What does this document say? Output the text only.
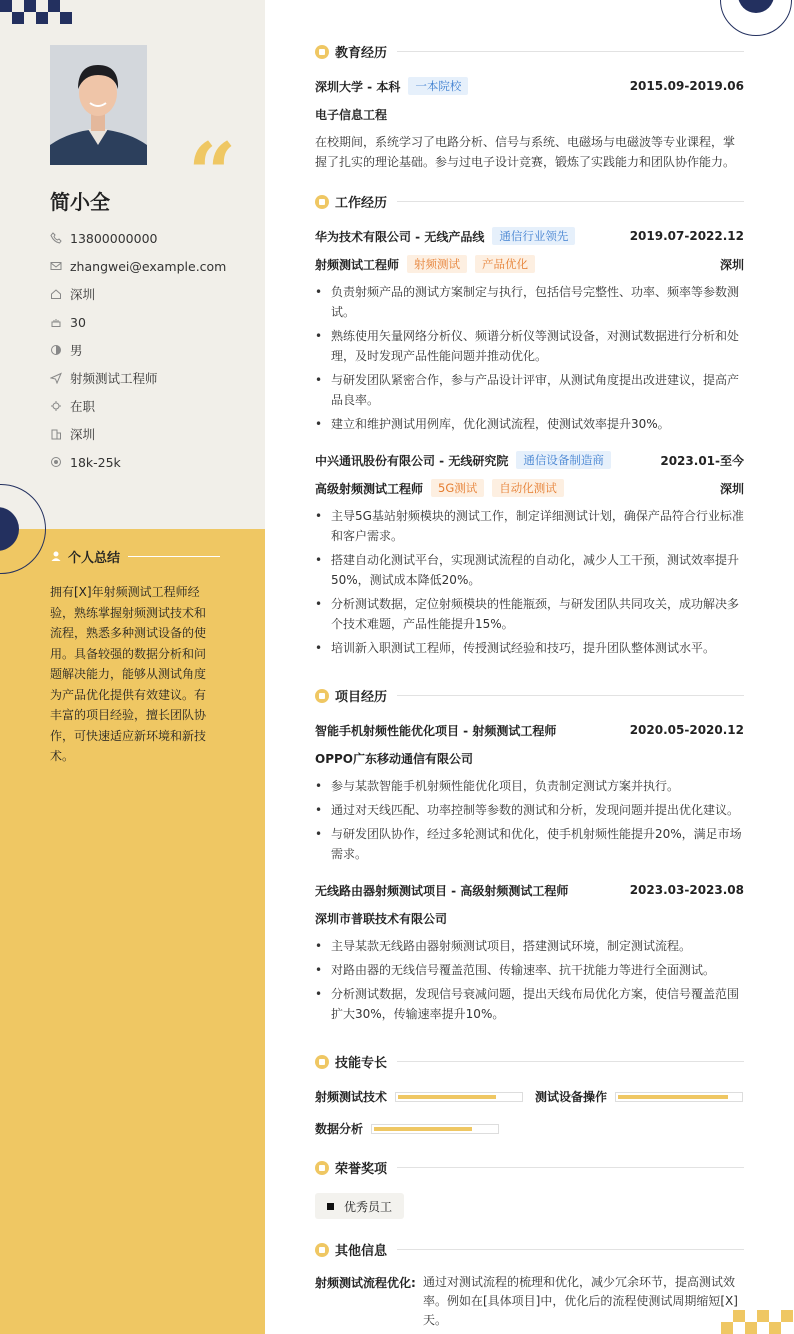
“
简小全
13800000000
zhangwei@example.com
深圳
30
男
射频测试工程师
在职
深圳
18k-25k
个人总结
拥有[X]年射频测试工程师经验，熟练掌握射频测试技术和流程，熟悉多种测试设备的使用。具备较强的数据分析和问题解决能力，能够从测试角度为产品优化提供有效建议。有丰富的项目经验，擅长团队协作，可快速适应新环境和新技术。
教育经历
深圳大学 - 本科	一本院校	2015.09-2019.06
电子信息工程
在校期间，系统学习了电路分析、信号与系统、电磁场与电磁波等专业课程，掌握了扎实的理论基础。参与过电子设计竞赛，锻炼了实践能力和团队协作能力。
工作经历
华为技术有限公司 - 无线产品线	通信行业领先	2019.07-2022.12
射频测试工程师	射频测试	产品优化	深圳
• 负责射频产品的测试方案制定与执行，包括信号完整性、功率、频率等参数测试。
• 熟练使用矢量网络分析仪、频谱分析仪等测试设备，对测试数据进行分析和处理，及时发现产品性能问题并推动优化。
• 与研发团队紧密合作，参与产品设计评审，从测试角度提出改进建议，提高产品良率。
• 建立和维护测试用例库，优化测试流程，使测试效率提升30%。
中兴通讯股份有限公司 - 无线研究院	通信设备制造商	2023.01-至今
高级射频测试工程师	5G测试	自动化测试	深圳
• 主导5G基站射频模块的测试工作，制定详细测试计划，确保产品符合行业标准和客户需求。
• 搭建自动化测试平台，实现测试流程的自动化，减少人工干预，测试效率提升50%，测试成本降低20%。
• 分析测试数据，定位射频模块的性能瓶颈，与研发团队共同攻关，成功解决多个技术难题，产品性能提升15%。
• 培训新入职测试工程师，传授测试经验和技巧，提升团队整体测试水平。
项目经历
智能手机射频性能优化项目 - 射频测试工程师	2020.05-2020.12
OPPO广东移动通信有限公司
• 参与某款智能手机射频性能优化项目，负责制定测试方案并执行。
• 通过对天线匹配、功率控制等参数的测试和分析，发现问题并提出优化建议。
• 与研发团队协作，经过多轮测试和优化，使手机射频性能提升20%，满足市场需求。
无线路由器射频测试项目 - 高级射频测试工程师	2023.03-2023.08
深圳市普联技术有限公司
• 主导某款无线路由器射频测试项目，搭建测试环境，制定测试流程。
• 对路由器的无线信号覆盖范围、传输速率、抗干扰能力等进行全面测试。
• 分析测试数据，发现信号衰减问题，提出天线布局优化方案，使信号覆盖范围扩大30%，传输速率提升10%。
技能专长
射频测试技术	测试设备操作
数据分析
荣誉奖项
优秀员工
其他信息
射频测试流程优化: 通过对测试流程的梳理和优化，减少冗余环节，提高测试效率。例如在[具体项目]中，优化后的流程使测试周期缩短[X]天。
